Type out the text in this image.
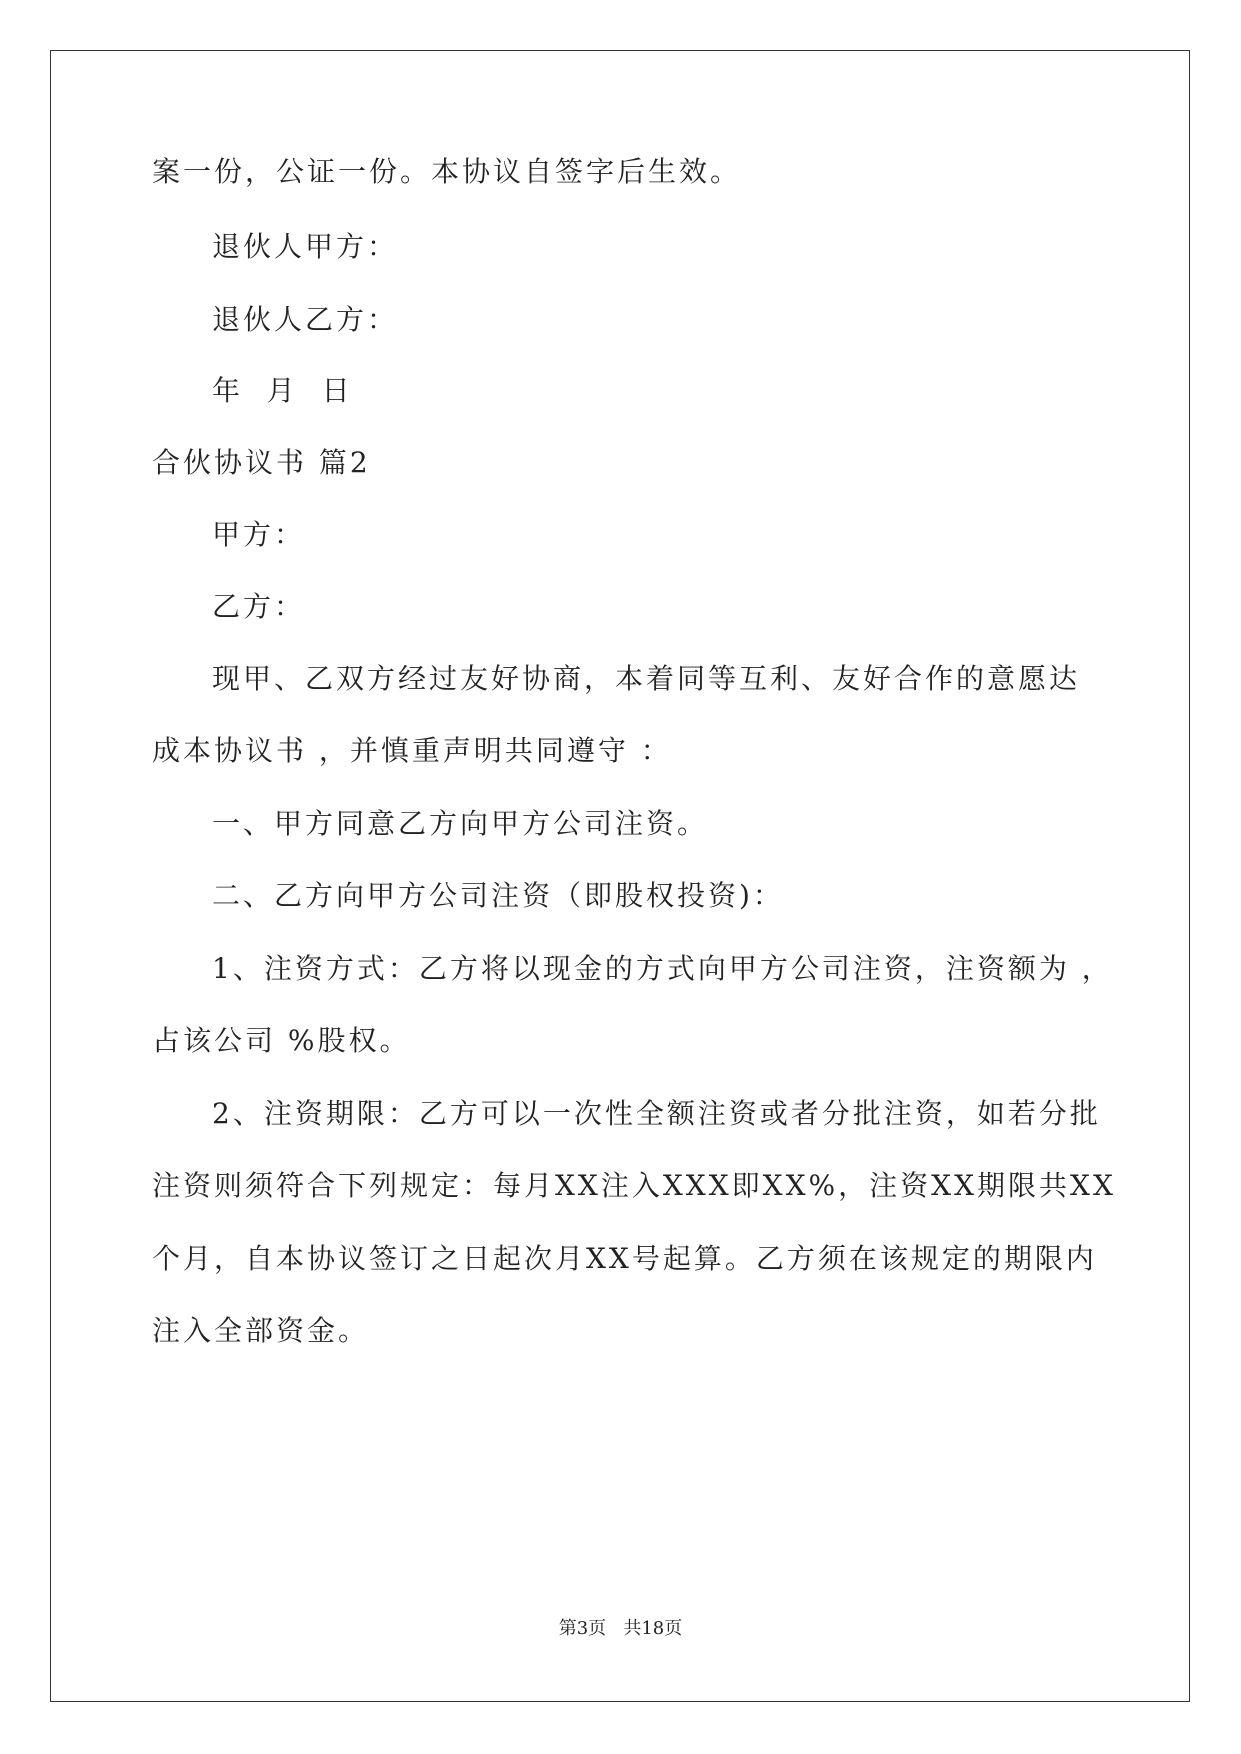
案一份，公证一份。本协议自签字后生效。
退伙人甲方：
退伙人乙方：
年  月  日
合伙协议书 篇2
甲方：
乙方：
现甲、乙双方经过友好协商，本着同等互利、友好合作的意愿达
成本协议书 ，并慎重声明共同遵守 ：
一、甲方同意乙方向甲方公司注资。
二、乙方向甲方公司注资（即股权投资)：
1、注资方式：乙方将以现金的方式向甲方公司注资，注资额为 ，
占该公司 %股权。
2、注资期限：乙方可以一次性全额注资或者分批注资，如若分批
注资则须符合下列规定：每月XX注入XXX即XX%，注资XX期限共XX
个月，自本协议签订之日起次月XX号起算。乙方须在该规定的期限内
注入全部资金。
第3页   共18页
